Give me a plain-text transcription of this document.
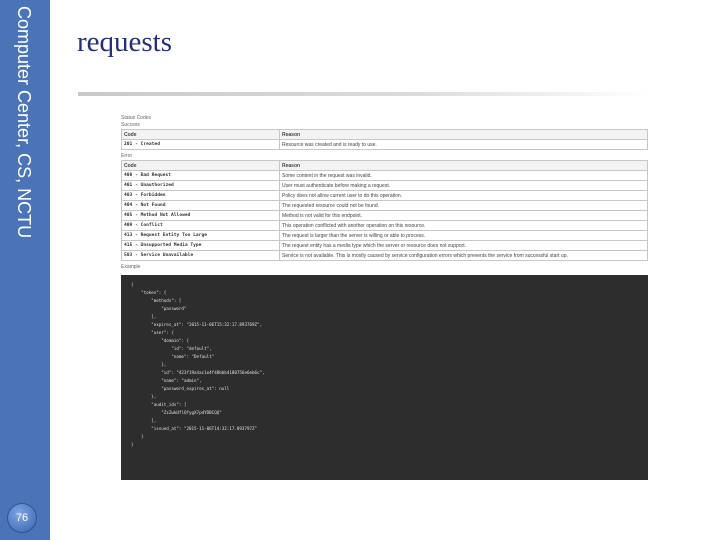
Computer Center, CS, NCTU
76
requests
Status Codes
Success
Code	Reason
201 - Created	Resource was created and is ready to use.
Error
Code	Reason
400 - Bad Request	Some content in the request was invalid.
401 - Unauthorized	User must authenticate before making a request.
403 - Forbidden	Policy does not allow current user to do this operation.
404 - Not Found	The requested resource could not be found.
405 - Method Not Allowed	Method is not valid for this endpoint.
409 - Conflict	This operation conflicted with another operation on this resource.
413 - Request Entity Too Large	The request is larger than the server is willing or able to process.
415 - Unsupported Media Type	The request entity has a media type which the server or resource does not support.
503 - Service Unavailable	Service is not available. This is mostly caused by service configuration errors which prevents the service from successful start up.
Example
{
"token": {
"methods": [
"password"
],
"expires_at": "2015-11-06T15:32:17.893769Z",
"user": {
"domain": {
"id": "default",
"name": "Default"
},
"id": "423f19a4ac1e4f48bbb4180756e6eb6c",
"name": "admin",
"password_expires_at": null
},
"audit_ids": [
"ZzZwkUflQfygX7pdYDBCQQ"
],
"issued_at": "2015-11-06T14:32:17.893797Z"
}
}
